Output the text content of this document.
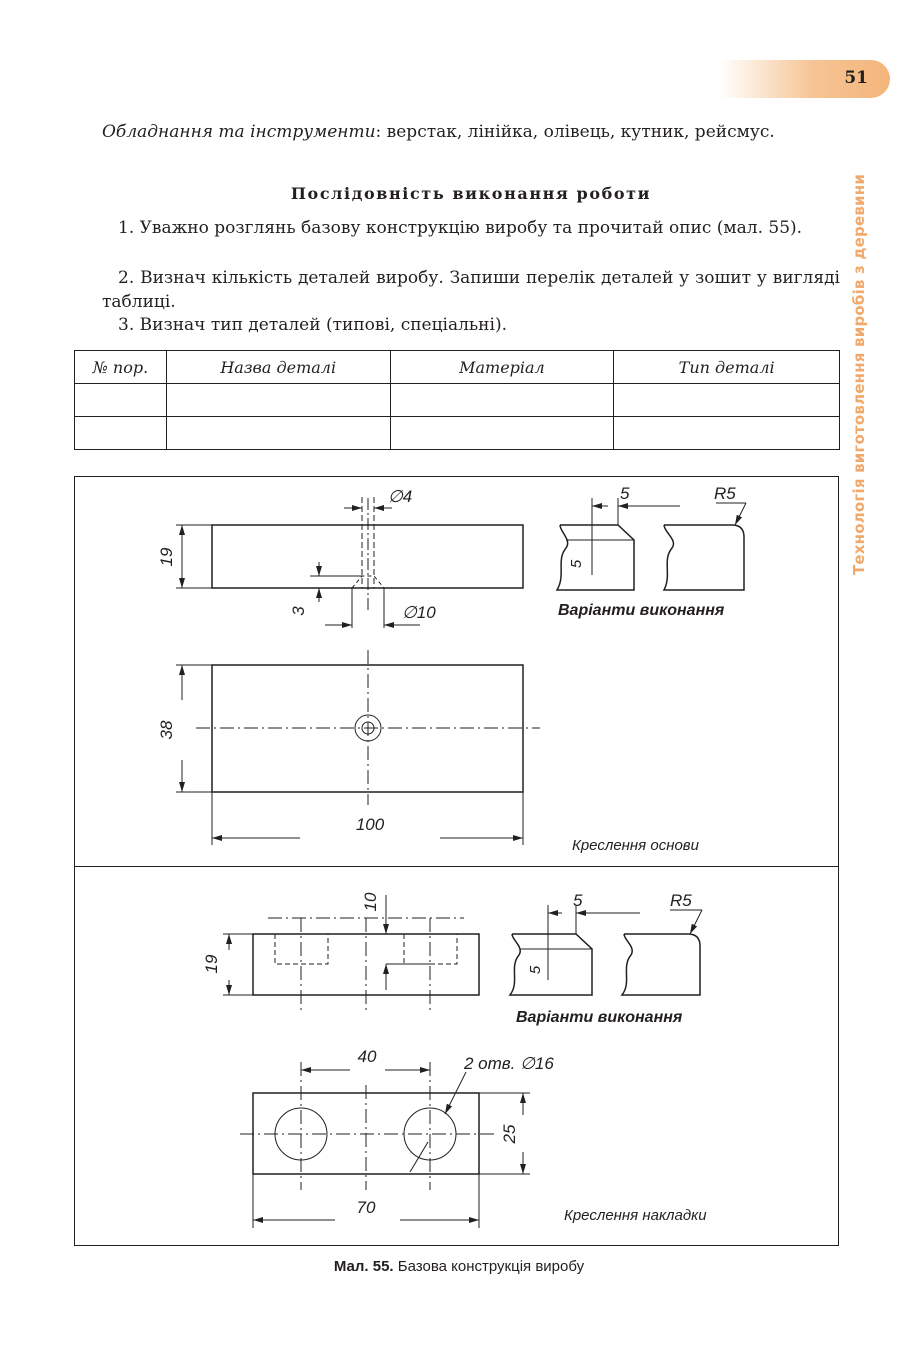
51
Технологія виготовлення виробів з деревини
Обладнання та інструменти: верстак, лінійка, олівець, кутник, рейсмус.
Послідовність виконання роботи
1. Уважно розглянь базову конструкцію виробу та прочитай опис (мал. 55).
2. Визнач кількість деталей виробу. Запиши перелік деталей у зошит у вигляді таблиці.
3. Визнач тип деталей (типові, спеціальні).
№ пор.	Назва деталі	Матеріал	Тип деталі

∅4
19
3	∅10
38
100
5
5
R5
Варіанти виконання
Креслення основи
10
19
5
5
R5
Варіанти виконання
40	2 отв. ∅16
25
70	Креслення накладки
Мал. 55. Базова конструкція виробу
